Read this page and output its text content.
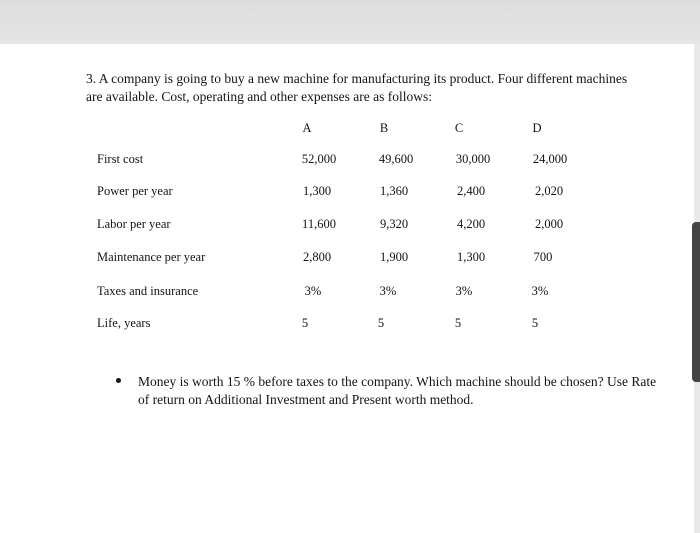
3. A company is going to buy a new machine for manufacturing its product. Four different machines are available. Cost, operating and other expenses are as follows:
A	B	C	D
First cost	52,000	49,600	30,000	24,000
Power per year	1,300	1,360	2,400	2,020
Labor per year	11,600	9,320	4,200	2,000
Maintenance per year	2,800	1,900	1,300	700
Taxes and insurance	3%	3%	3%	3%
Life, years	5	5	5	5
Money is worth 15 % before taxes to the company. Which machine should be chosen? Use Rate of return on Additional Investment and Present worth method.
